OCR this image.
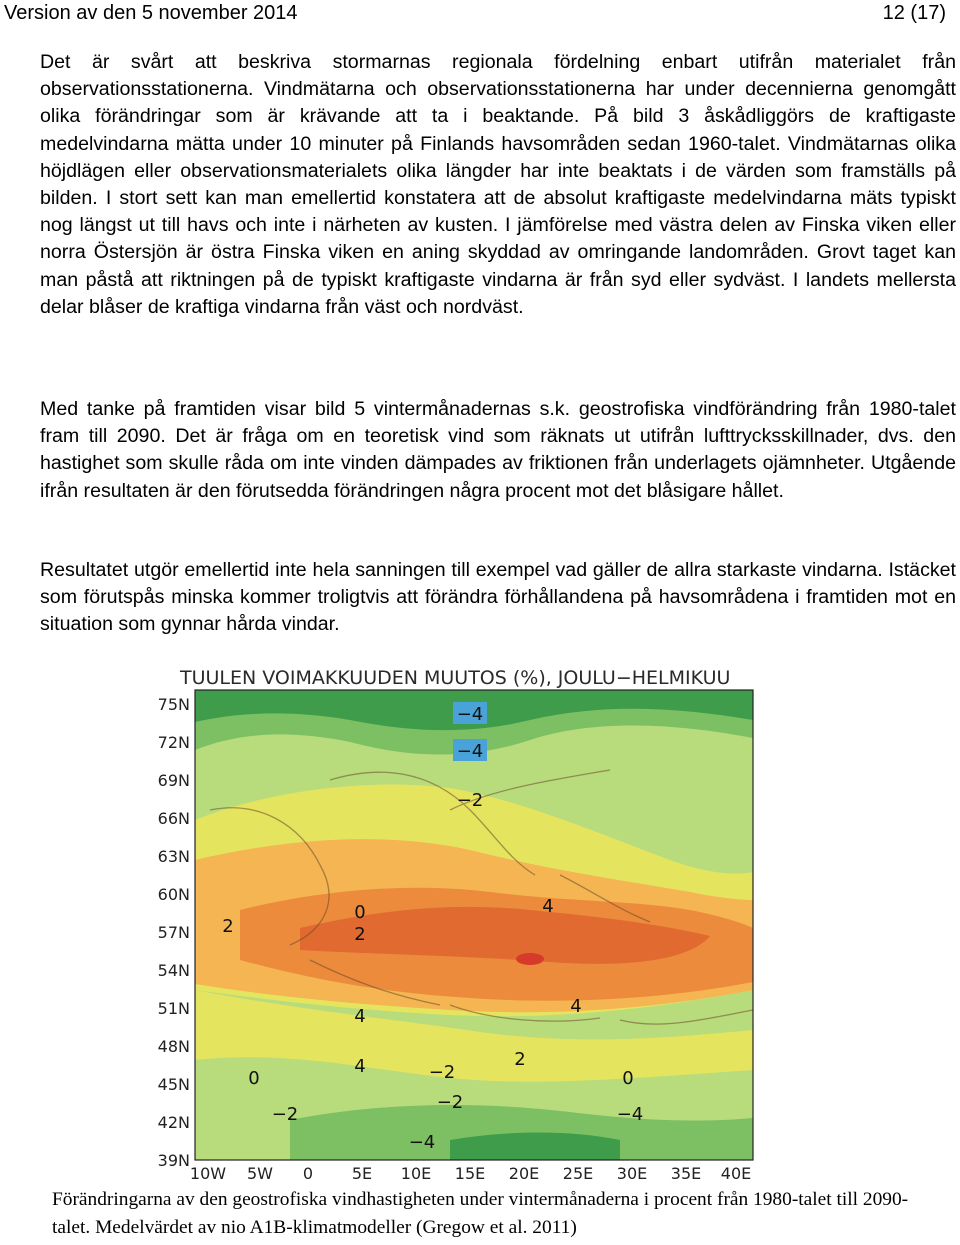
Version av den 5 november 2014	12 (17)
Det är svårt att beskriva stormarnas regionala fördelning enbart utifrån materialet från observationsstationerna. Vindmätarna och observationsstationerna har under decennierna genomgått olika förändringar som är krävande att ta i beaktande. På bild 3 åskådliggörs de kraftigaste medelvindarna mätta under 10 minuter på Finlands havsområden sedan 1960-talet. Vindmätarnas olika höjdlägen eller observationsmaterialets olika längder har inte beaktats i de värden som framställs på bilden. I stort sett kan man emellertid konstatera att de absolut kraftigaste medelvindarna mäts typiskt nog längst ut till havs och inte i närheten av kusten. I jämförelse med västra delen av Finska viken eller norra Östersjön är östra Finska viken en aning skyddad av omringande landområden. Grovt taget kan man påstå att riktningen på de typiskt kraftigaste vindarna är från syd eller sydväst. I landets mellersta delar blåser de kraftiga vindarna från väst och nordväst.
Med tanke på framtiden visar bild 5 vintermånadernas s.k. geostrofiska vindförändring från 1980-talet fram till 2090. Det är fråga om en teoretisk vind som räknats ut utifrån lufttrycksskillnader, dvs. den hastighet som skulle råda om inte vinden dämpades av friktionen från underlagets ojämnheter. Utgående ifrån resultaten är den förutsedda förändringen några procent mot det blåsigare hållet.
Resultatet utgör emellertid inte hela sanningen till exempel vad gäller de allra starkaste vindarna. Istäcket som förutspås minska kommer troligtvis att förändra förhållandena på havsområdena i framtiden mot en situation som gynnar hårda vindar.
TUULEN VOIMAKKUUDEN MUUTOS (%), JOULU−HELMIKUU
75N
72N
69N
66N
63N
60N
57N
54N
51N
48N
45N
42N
39N
10W 5W 0 5E 10E 15E 20E 25E 30E 35E 40E
−4
−4
−2
2
0
2
4
4	4
0
4	2
0
−2
−2
−2	−4
−4
Förändringarna av den geostrofiska vindhastigheten under vintermånaderna i procent från 1980-talet till 2090-talet. Medelvärdet av nio A1B-klimatmodeller (Gregow et al. 2011)
